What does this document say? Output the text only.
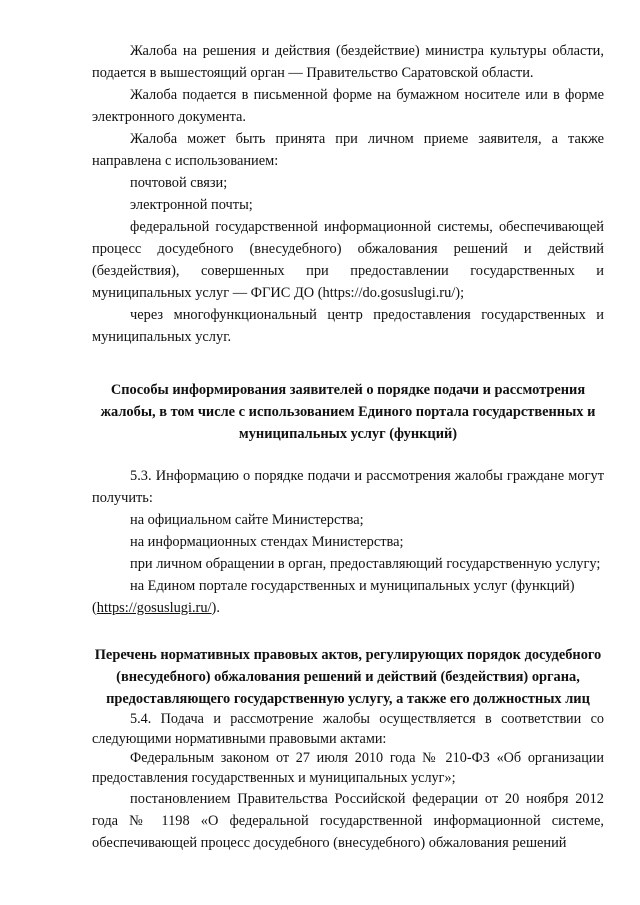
Жалоба на решения и действия (бездействие) министра культуры области, подается в вышестоящий орган — Правительство Саратовской области.

Жалоба подается в письменной форме на бумажном носителе или в форме электронного документа.

Жалоба может быть принята при личном приеме заявителя, а также направлена с использованием:

почтовой связи;

электронной почты;

федеральной государственной информационной системы, обеспечивающей процесс досудебного (внесудебного) обжалования решений и действий (бездействия), совершенных при предоставлении государственных и муниципальных услуг — ФГИС ДО (https://do.gosuslugi.ru/);

через многофункциональный центр предоставления государственных и муниципальных услуг.

Способы информирования заявителей о порядке подачи и рассмотрения жалобы, в том числе с использованием Единого портала государственных и муниципальных услуг (функций)

5.3. Информацию о порядке подачи и рассмотрения жалобы граждане могут получить:

на официальном сайте Министерства;

на информационных стендах Министерства;

при личном обращении в орган, предоставляющий государственную услугу;

на Едином портале государственных и муниципальных услуг (функций)

(https://gosuslugi.ru/).

Перечень нормативных правовых актов, регулирующих порядок досудебного (внесудебного) обжалования решений и действий (бездействия) органа, предоставляющего государственную услугу, а также его должностных лиц

5.4. Подача и рассмотрение жалобы осуществляется в соответствии со следующими нормативными правовыми актами:

Федеральным законом от 27 июля 2010 года № 210-ФЗ «Об организации предоставления государственных и муниципальных услуг»;

постановлением Правительства Российской федерации от 20 ноября 2012 года № 1198 «О федеральной государственной информационной системе, обеспечивающей процесс досудебного (внесудебного) обжалования решений
